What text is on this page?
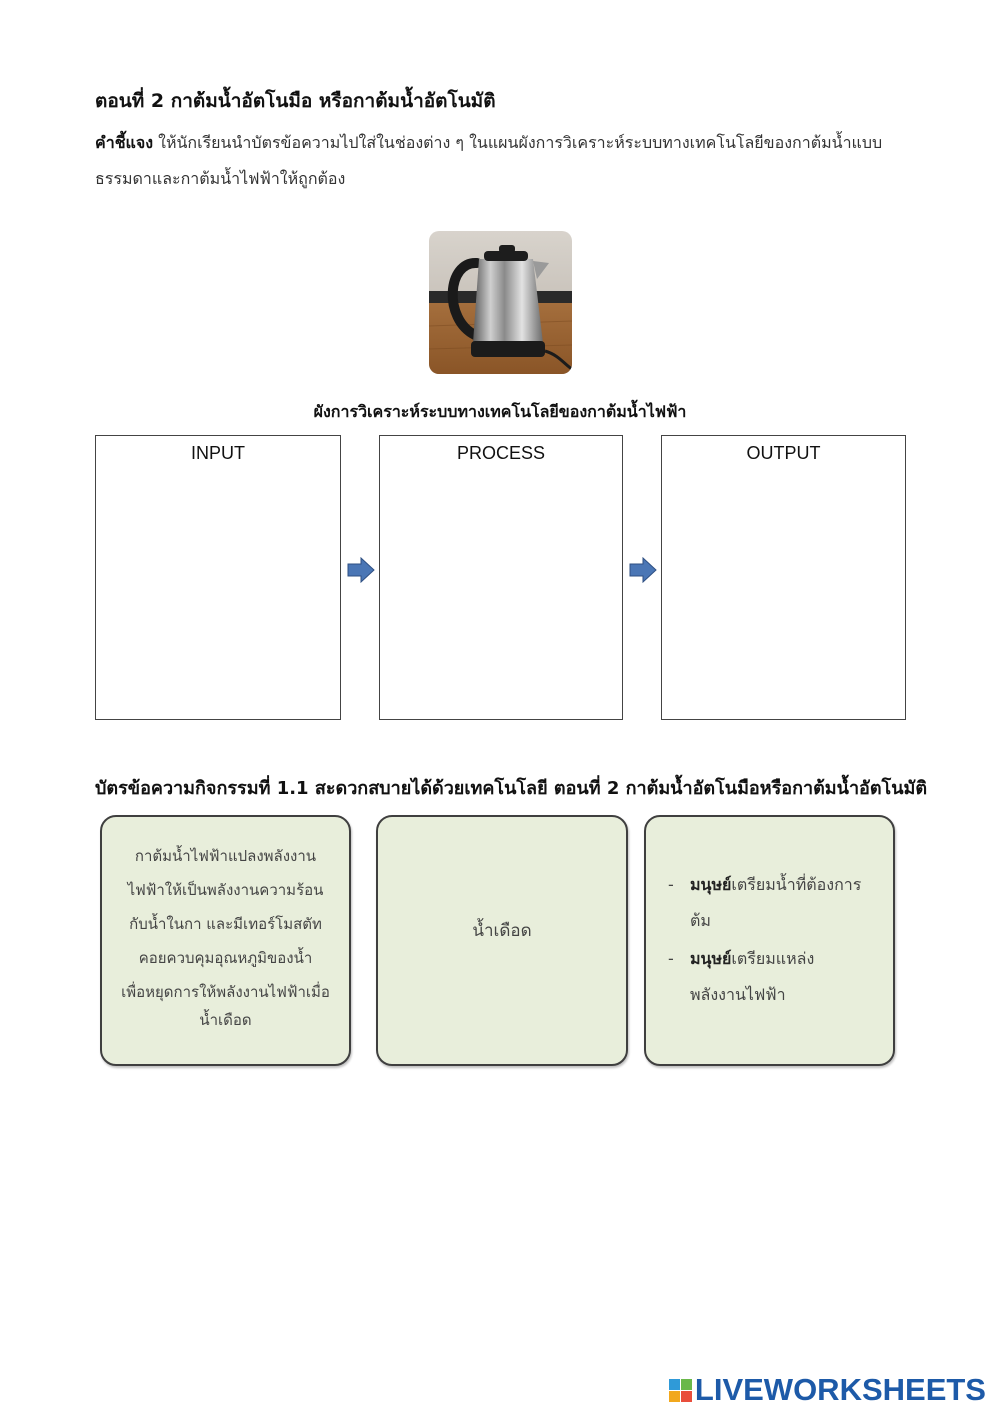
ตอนที่ 2 กาต้มน้ำอัตโนมือ หรือกาต้มน้ำอัตโนมัติ
คำชี้แจง ให้นักเรียนนำบัตรข้อความไปใส่ในช่องต่าง ๆ ในแผนผังการวิเคราะห์ระบบทางเทคโนโลยีของกาต้มน้ำแบบ
ธรรมดาและกาต้มน้ำไฟฟ้าให้ถูกต้อง
ผังการวิเคราะห์ระบบทางเทคโนโลยีของกาต้มน้ำไฟฟ้า
INPUT	PROCESS	OUTPUT
บัตรข้อความกิจกรรมที่ 1.1 สะดวกสบายได้ด้วยเทคโนโลยี ตอนที่ 2 กาต้มน้ำอัตโนมือหรือกาต้มน้ำอัตโนมัติ
กาต้มน้ำไฟฟ้าแปลงพลังงาน
ไฟฟ้าให้เป็นพลังงานความร้อน
กับน้ำในกา และมีเทอร์โมสตัท
คอยควบคุมอุณหภูมิของน้ำ
เพื่อหยุดการให้พลังงานไฟฟ้าเมื่อ
น้ำเดือด
น้ำเดือด
-	มนุษย์เตรียมน้ำที่ต้องการ
ต้ม
-	มนุษย์เตรียมแหล่ง
พลังงานไฟฟ้า
LIVEWORKSHEETS
